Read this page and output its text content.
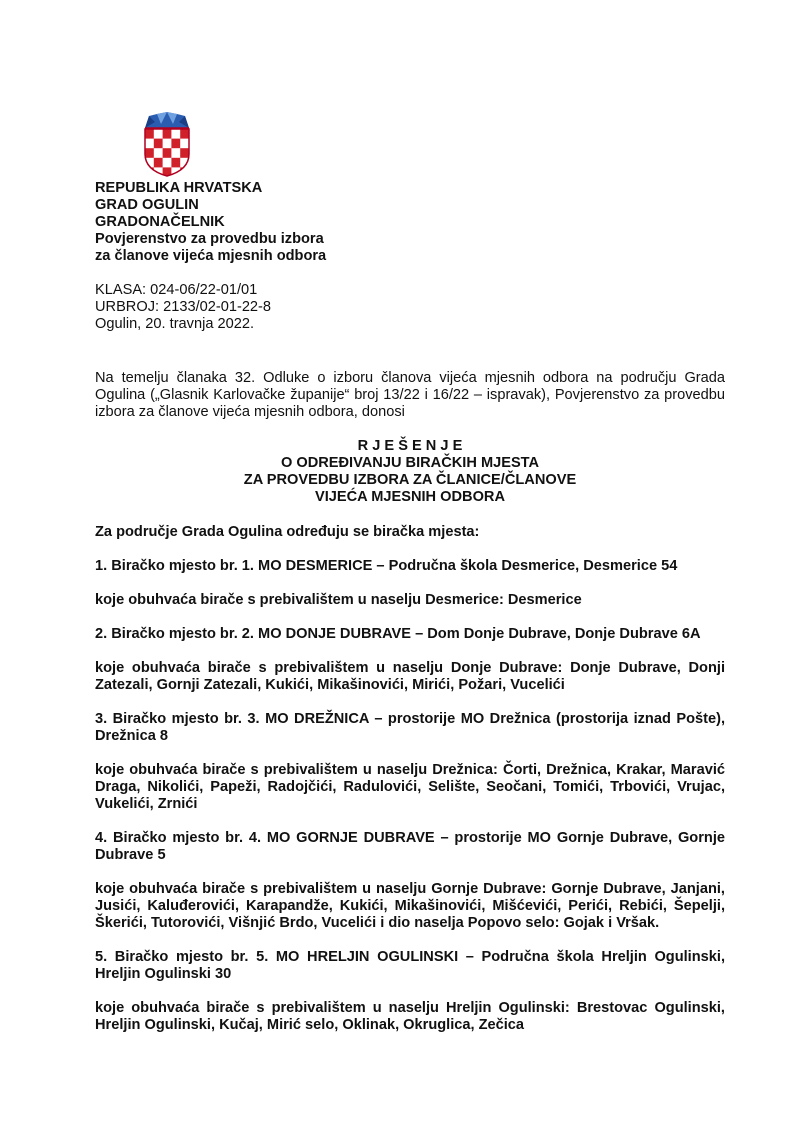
REPUBLIKA HRVATSKA
GRAD OGULIN
GRADONAČELNIK
Povjerenstvo za provedbu izbora
za članove vijeća mjesnih odbora
KLASA: 024-06/22-01/01
URBROJ: 2133/02-01-22-8
Ogulin, 20. travnja 2022.

Na temelju članaka 32. Odluke o izboru članova vijeća mjesnih odbora na području Grada Ogulina („Glasnik Karlovačke županije“ broj 13/22 i 16/22 – ispravak), Povjerenstvo za provedbu izbora za članove vijeća mjesnih odbora, donosi

R J E Š E N J E
O ODREĐIVANJU BIRAČKIH MJESTA
ZA PROVEDBU IZBORA ZA ČLANICE/ČLANOVE
VIJEĆA MJESNIH ODBORA

Za područje Grada Ogulina određuju se biračka mjesta:

1. Biračko mjesto br. 1. MO DESMERICE – Područna škola Desmerice, Desmerice 54

koje obuhvaća birače s prebivalištem u naselju Desmerice: Desmerice

2. Biračko mjesto br. 2. MO DONJE DUBRAVE – Dom Donje Dubrave, Donje Dubrave 6A

koje obuhvaća birače s prebivalištem u naselju Donje Dubrave: Donje Dubrave, Donji Zatezali, Gornji Zatezali, Kukići, Mikašinovići, Mirići, Požari, Vucelići

3. Biračko mjesto br. 3. MO DREŽNICA – prostorije MO Drežnica (prostorija iznad Pošte), Drežnica 8

koje obuhvaća birače s prebivalištem u naselju Drežnica: Čorti, Drežnica, Krakar, Maravić Draga, Nikolići, Papeži, Radojčići, Radulovići, Selište, Seočani, Tomići, Trbovići, Vrujac, Vukelići, Zrnići

4. Biračko mjesto br. 4. MO GORNJE DUBRAVE – prostorije MO Gornje Dubrave, Gornje Dubrave 5

koje obuhvaća birače s prebivalištem u naselju Gornje Dubrave: Gornje Dubrave, Janjani, Jusići, Kaluđerovići, Karapandže, Kukići, Mikašinovići, Mišćevići, Perići, Rebići, Šepelji, Škerići, Tutorovići, Višnjić Brdo, Vucelići i dio naselja Popovo selo: Gojak i Vršak.

5. Biračko mjesto br. 5. MO HRELJIN OGULINSKI – Područna škola Hreljin Ogulinski, Hreljin Ogulinski 30

koje obuhvaća birače s prebivalištem u naselju Hreljin Ogulinski: Brestovac Ogulinski, Hreljin Ogulinski, Kučaj, Mirić selo, Oklinak, Okruglica, Zečica
